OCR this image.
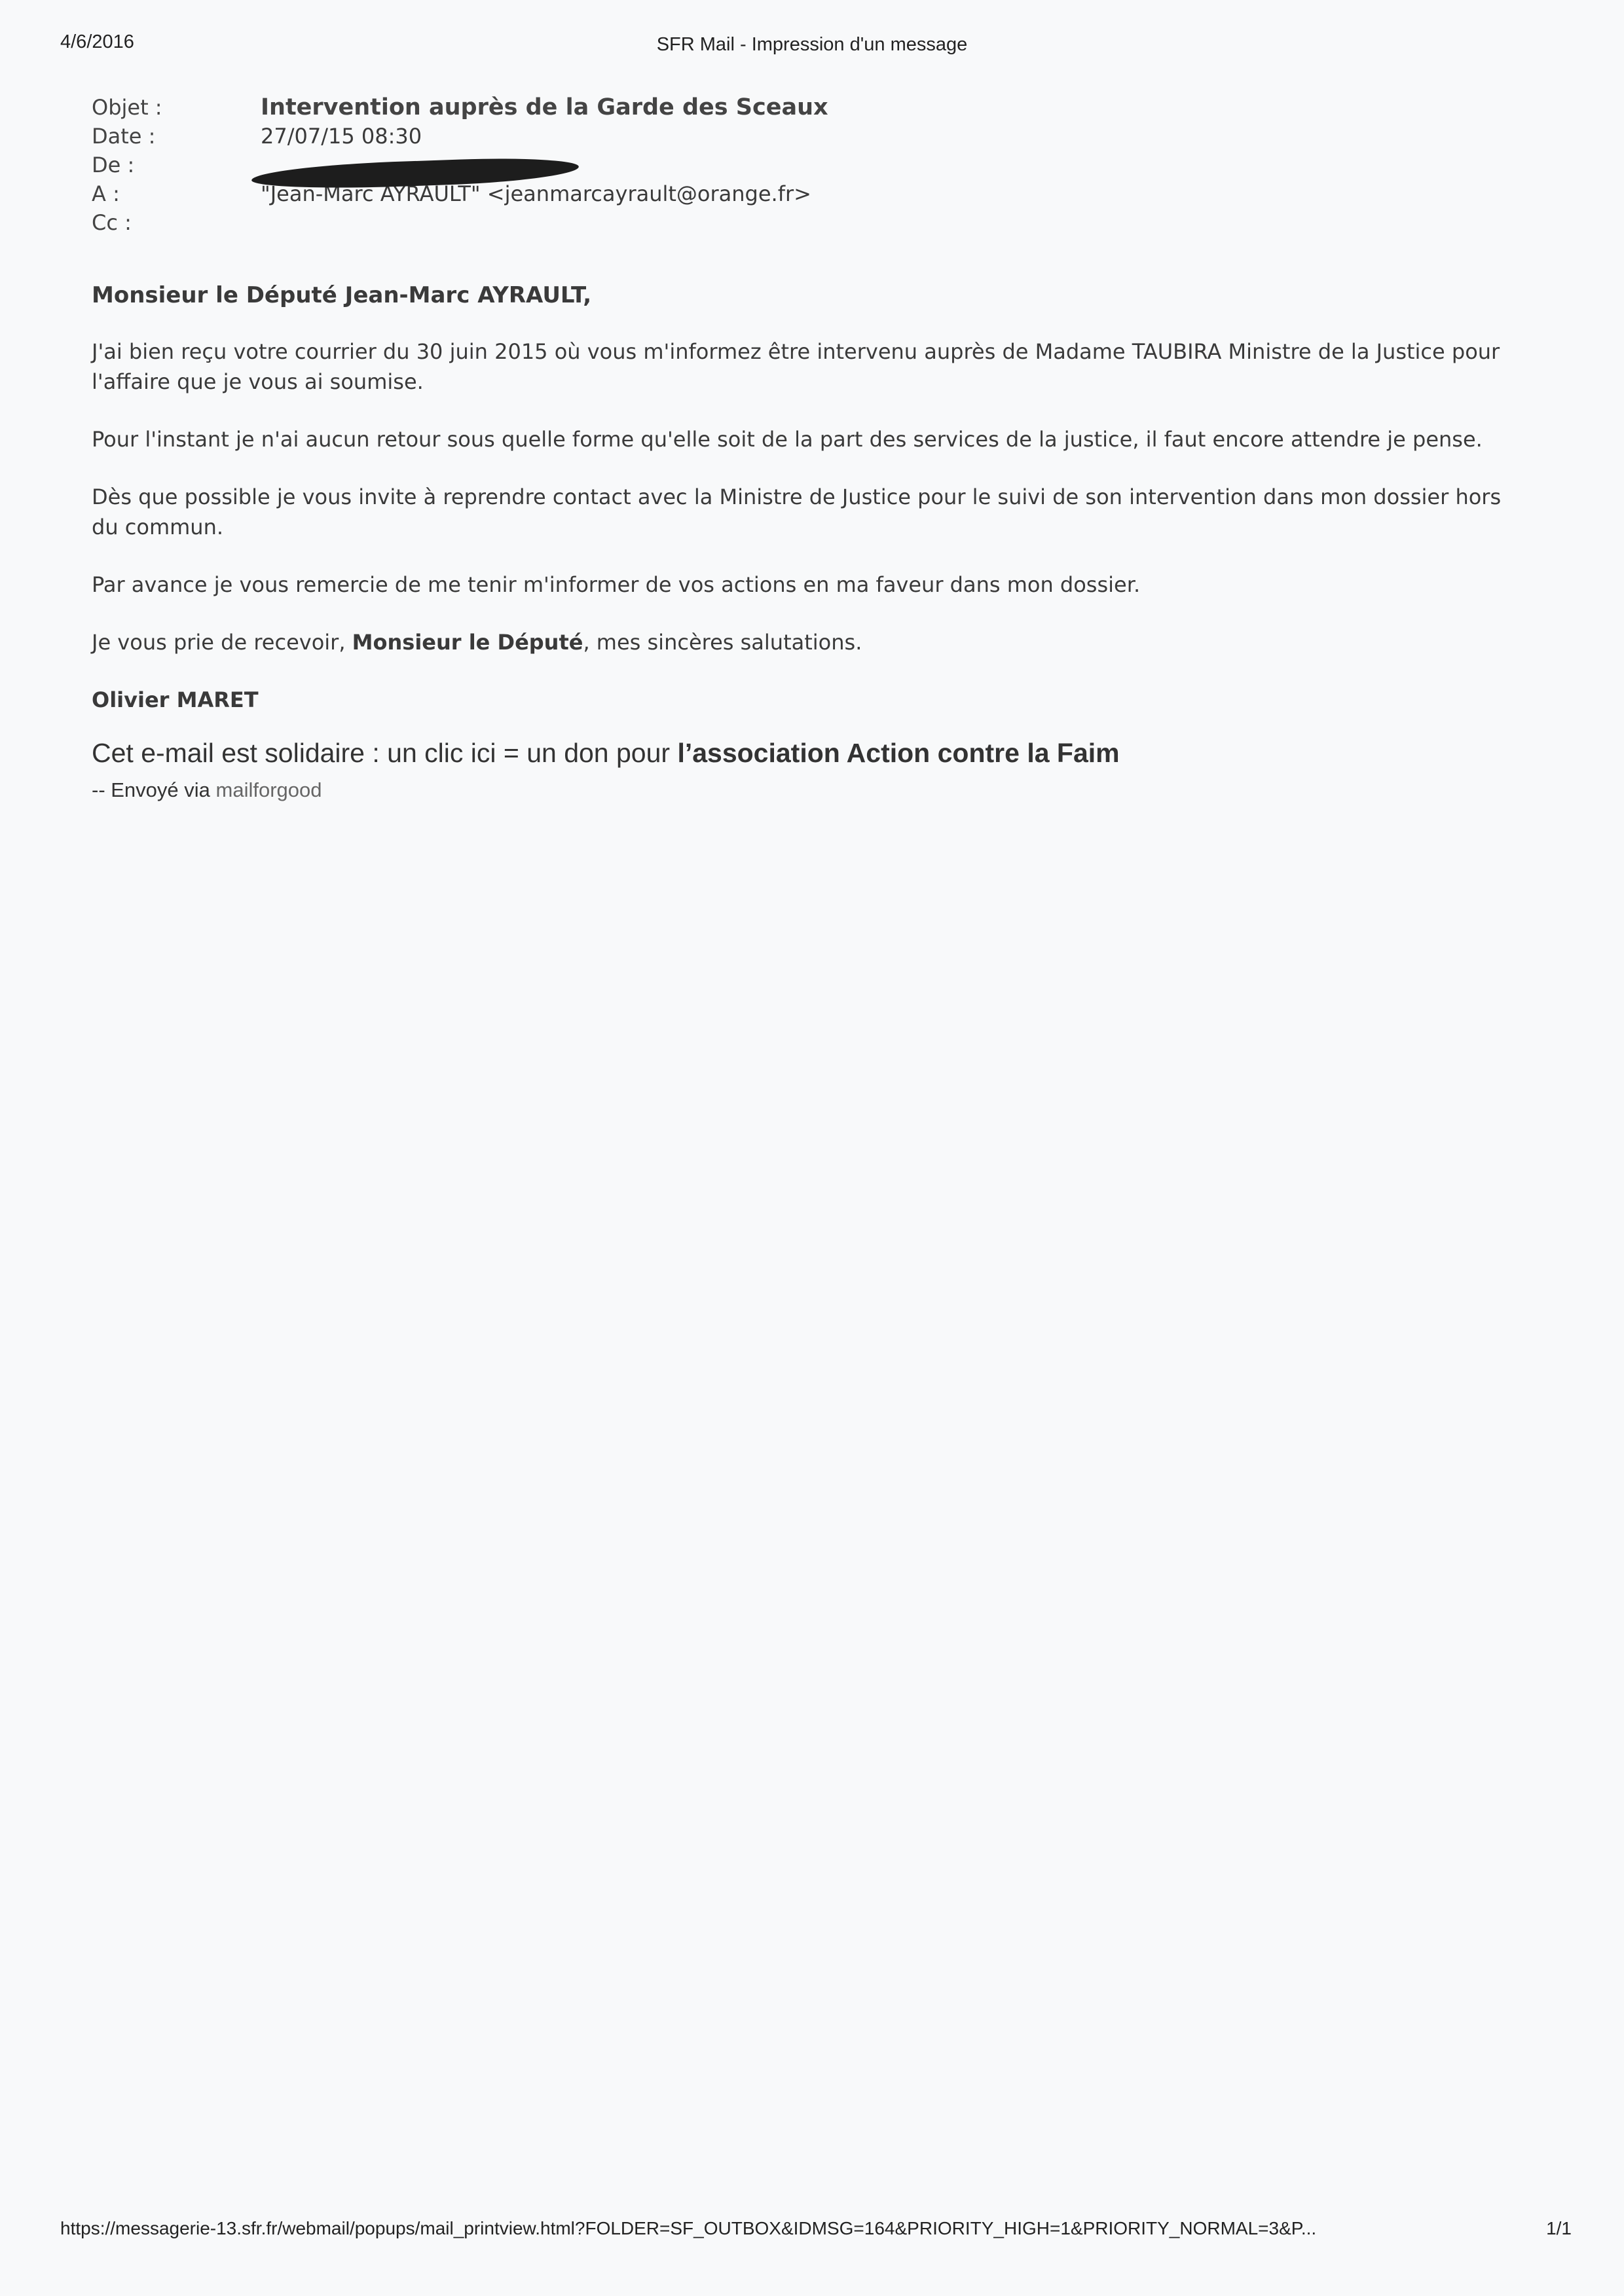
4/6/2016	SFR Mail - Impression d'un message
Objet :	Intervention auprès de la Garde des Sceaux
Date :	27/07/15 08:30
De :
A :	"Jean-Marc AYRAULT" <jeanmarcayrault@orange.fr>
Cc :

Monsieur le Député Jean-Marc AYRAULT,

J'ai bien reçu votre courrier du 30 juin 2015 où vous m'informez être intervenu auprès de Madame TAUBIRA Ministre de la Justice pour l'affaire que je vous ai soumise.

Pour l'instant je n'ai aucun retour sous quelle forme qu'elle soit de la part des services de la justice, il faut encore attendre je pense.

Dès que possible je vous invite à reprendre contact avec la Ministre de Justice pour le suivi de son intervention dans mon dossier hors du commun.

Par avance je vous remercie de me tenir m'informer de vos actions en ma faveur dans mon dossier.

Je vous prie de recevoir, Monsieur le Député, mes sincères salutations.

Olivier MARET

Cet e-mail est solidaire : un clic ici = un don pour l’association Action contre la Faim
-- Envoyé via mailforgood
https://messagerie-13.sfr.fr/webmail/popups/mail_printview.html?FOLDER=SF_OUTBOX&IDMSG=164&PRIORITY_HIGH=1&PRIORITY_NORMAL=3&P...	1/1
